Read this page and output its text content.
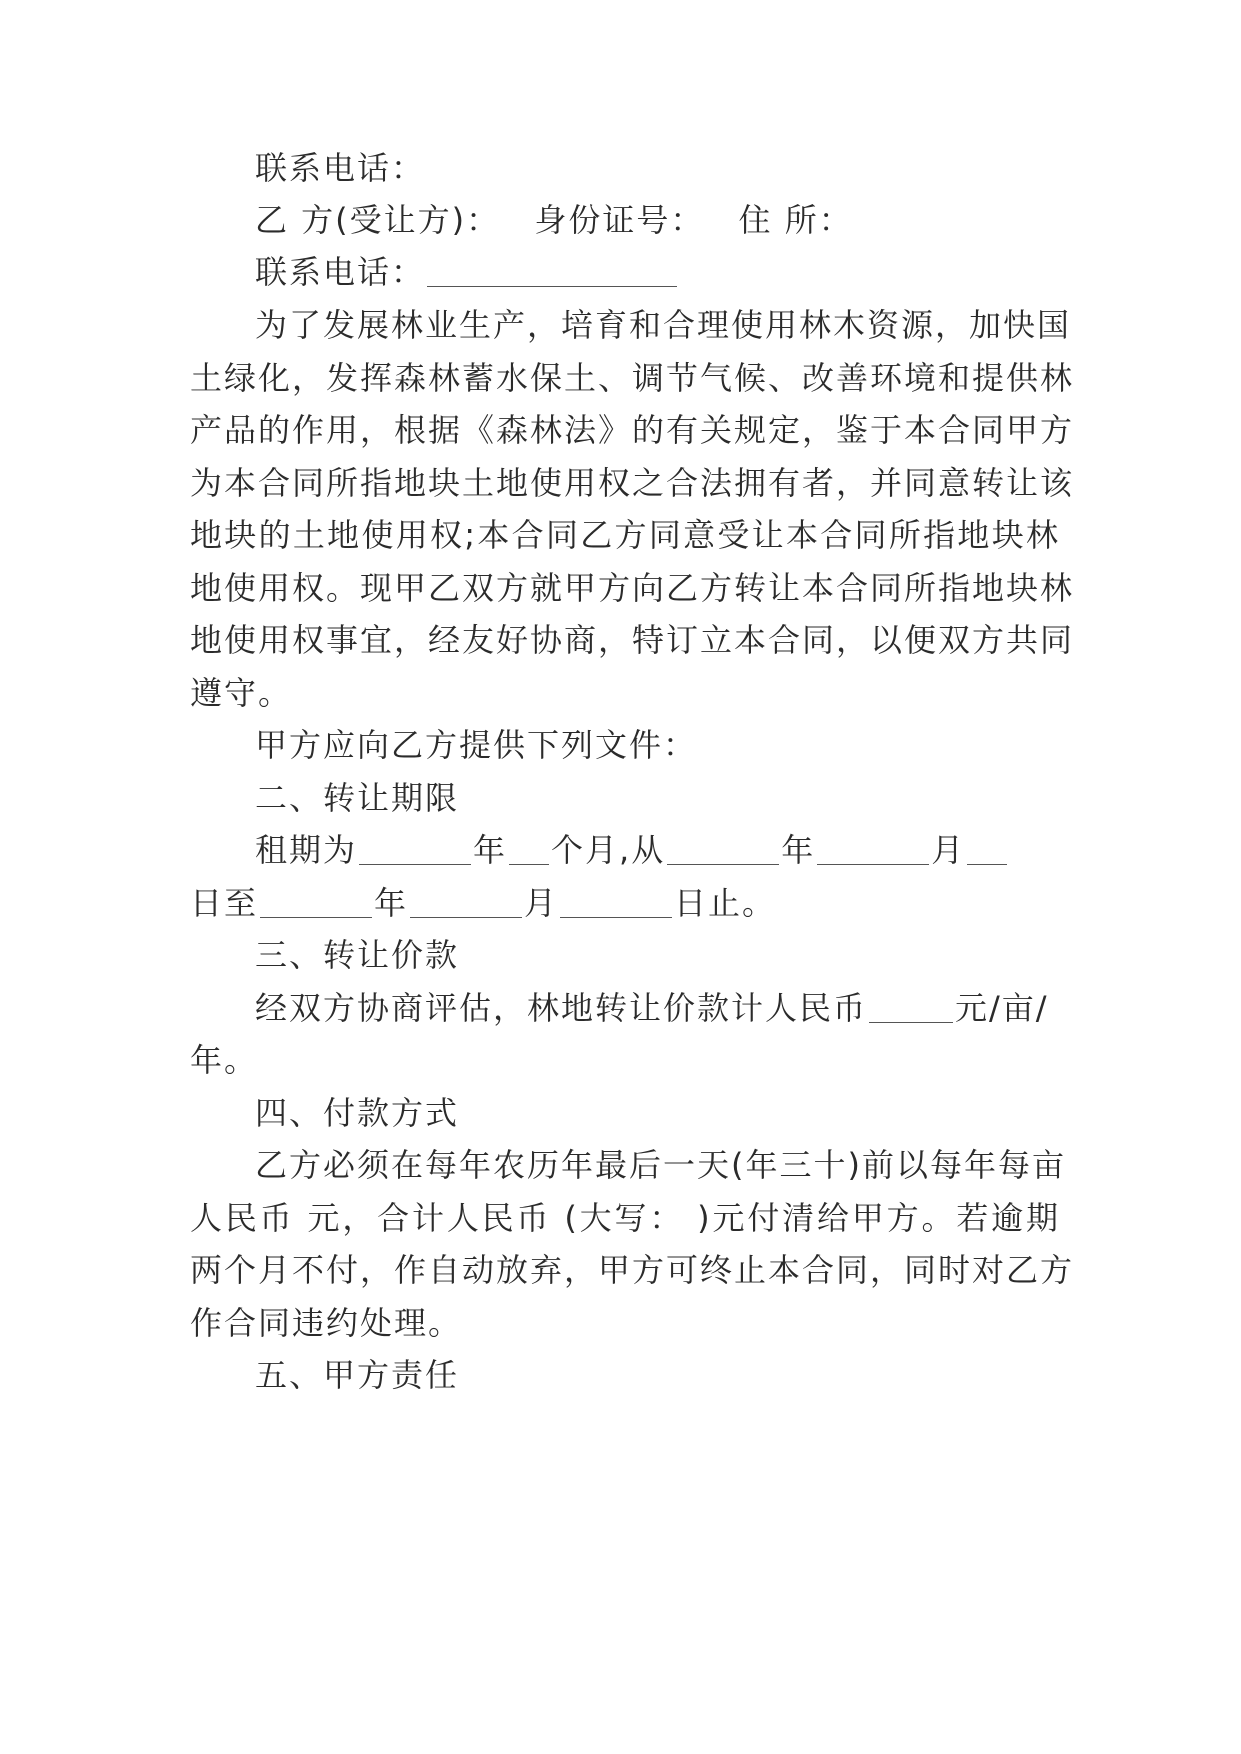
联系电话：
乙 方(受让方)： 身份证号： 住 所：
联系电话：
为了发展林业生产，培育和合理使用林木资源，加快国
土绿化，发挥森林蓄水保土、调节气候、改善环境和提供林
产品的作用，根据《森林法》的有关规定，鉴于本合同甲方
为本合同所指地块土地使用权之合法拥有者，并同意转让该
地块的土地使用权;本合同乙方同意受让本合同所指地块林
地使用权。现甲乙双方就甲方向乙方转让本合同所指地块林
地使用权事宜，经友好协商，特订立本合同，以便双方共同
遵守。
甲方应向乙方提供下列文件：
二、转让期限
租期为	年 个月,从	年	月
日至	年	月	日止。
三、转让价款
经双方协商评估，林地转让价款计人民币	元/亩/
年。
四、付款方式
乙方必须在每年农历年最后一天(年三十)前以每年每亩
人民币 元，合计人民币 (大写： )元付清给甲方。若逾期
两个月不付，作自动放弃，甲方可终止本合同，同时对乙方
作合同违约处理。
五、甲方责任
